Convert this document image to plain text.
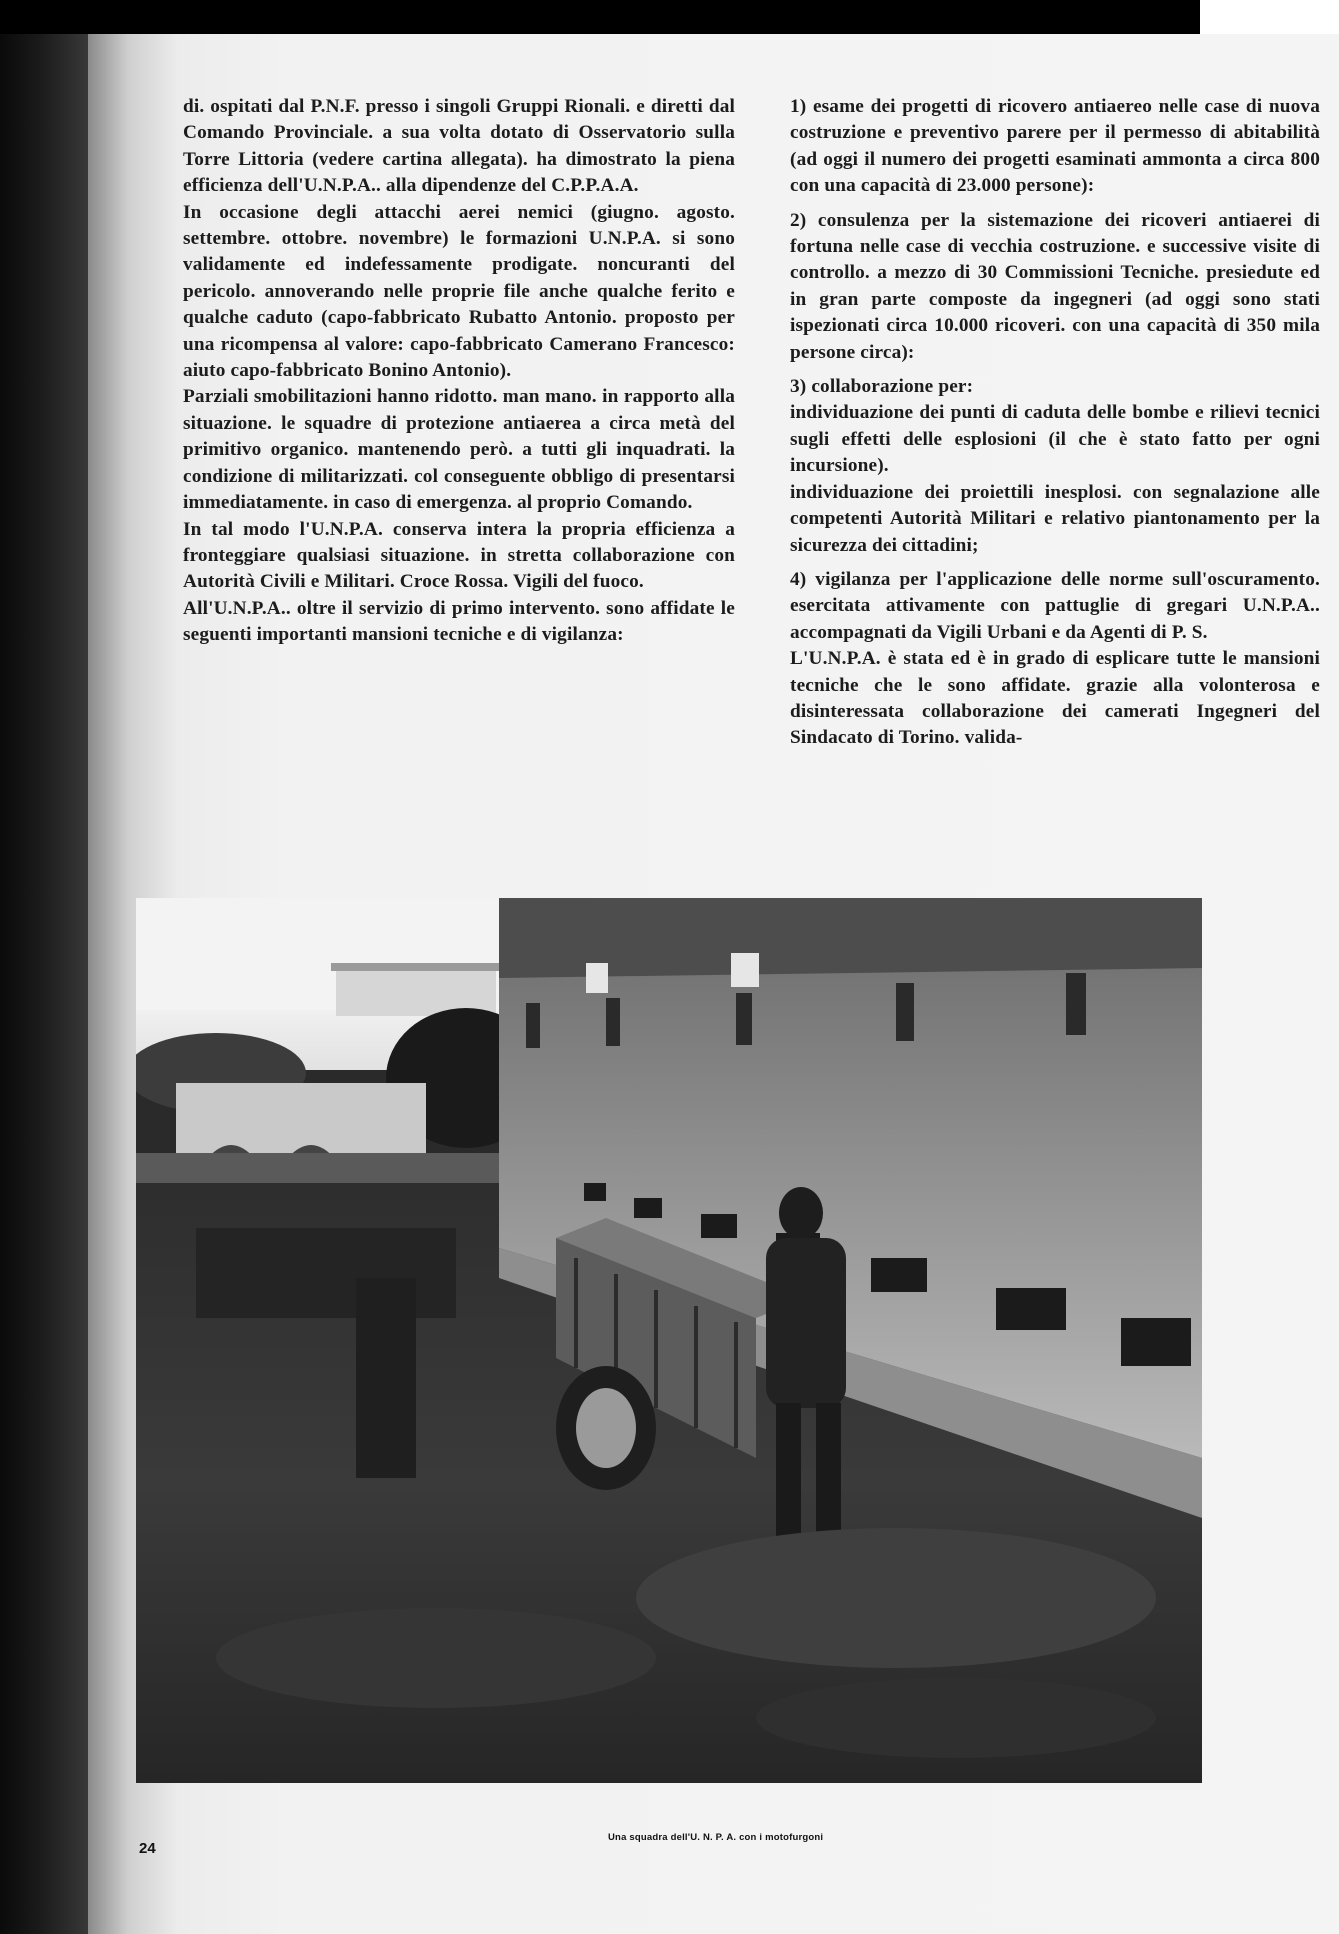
di. ospitati dal P.N.F. presso i singoli Gruppi Rionali. e diretti dal Comando Provinciale. a sua volta dotato di Osservatorio sulla Torre Littoria (vedere cartina allegata). ha dimostrato la piena efficienza dell'U.N.P.A.. alla dipendenze del C.P.P.A.A.

In occasione degli attacchi aerei nemici (giugno. agosto. settembre. ottobre. novembre) le formazioni U.N.P.A. si sono validamente ed indefessamente prodigate. noncuranti del pericolo. annoverando nelle proprie file anche qualche ferito e qualche caduto (capo-fabbricato Rubatto Antonio. proposto per una ricompensa al valore: capo-fabbricato Camerano Francesco: aiuto capo-fabbricato Bonino Antonio).

Parziali smobilitazioni hanno ridotto. man mano. in rapporto alla situazione. le squadre di protezione antiaerea a circa metà del primitivo organico. mantenendo però. a tutti gli inquadrati. la condizione di militarizzati. col conseguente obbligo di presentarsi immediatamente. in caso di emergenza. al proprio Comando.

In tal modo l'U.N.P.A. conserva intera la propria efficienza a fronteggiare qualsiasi situazione. in stretta collaborazione con Autorità Civili e Militari. Croce Rossa. Vigili del fuoco.

All'U.N.P.A.. oltre il servizio di primo intervento. sono affidate le seguenti importanti mansioni tecniche e di vigilanza:

1) esame dei progetti di ricovero antiaereo nelle case di nuova costruzione e preventivo parere per il permesso di abitabilità (ad oggi il numero dei progetti esaminati ammonta a circa 800 con una capacità di 23.000 persone):

2) consulenza per la sistemazione dei ricoveri antiaerei di fortuna nelle case di vecchia costruzione. e successive visite di controllo. a mezzo di 30 Commissioni Tecniche. presiedute ed in gran parte composte da ingegneri (ad oggi sono stati ispezionati circa 10.000 ricoveri. con una capacità di 350 mila persone circa):

3) collaborazione per:

individuazione dei punti di caduta delle bombe e rilievi tecnici sugli effetti delle esplosioni (il che è stato fatto per ogni incursione).

individuazione dei proiettili inesplosi. con segnalazione alle competenti Autorità Militari e relativo piantonamento per la sicurezza dei cittadini;

4) vigilanza per l'applicazione delle norme sull'oscuramento. esercitata attivamente con pattuglie di gregari U.N.P.A.. accompagnati da Vigili Urbani e da Agenti di P. S.

L'U.N.P.A. è stata ed è in grado di esplicare tutte le mansioni tecniche che le sono affidate. grazie alla volonterosa e disinteressata collaborazione dei camerati Ingegneri del Sindacato di Torino. valida-

24
Una squadra dell'U. N. P. A. con i motofurgoni
